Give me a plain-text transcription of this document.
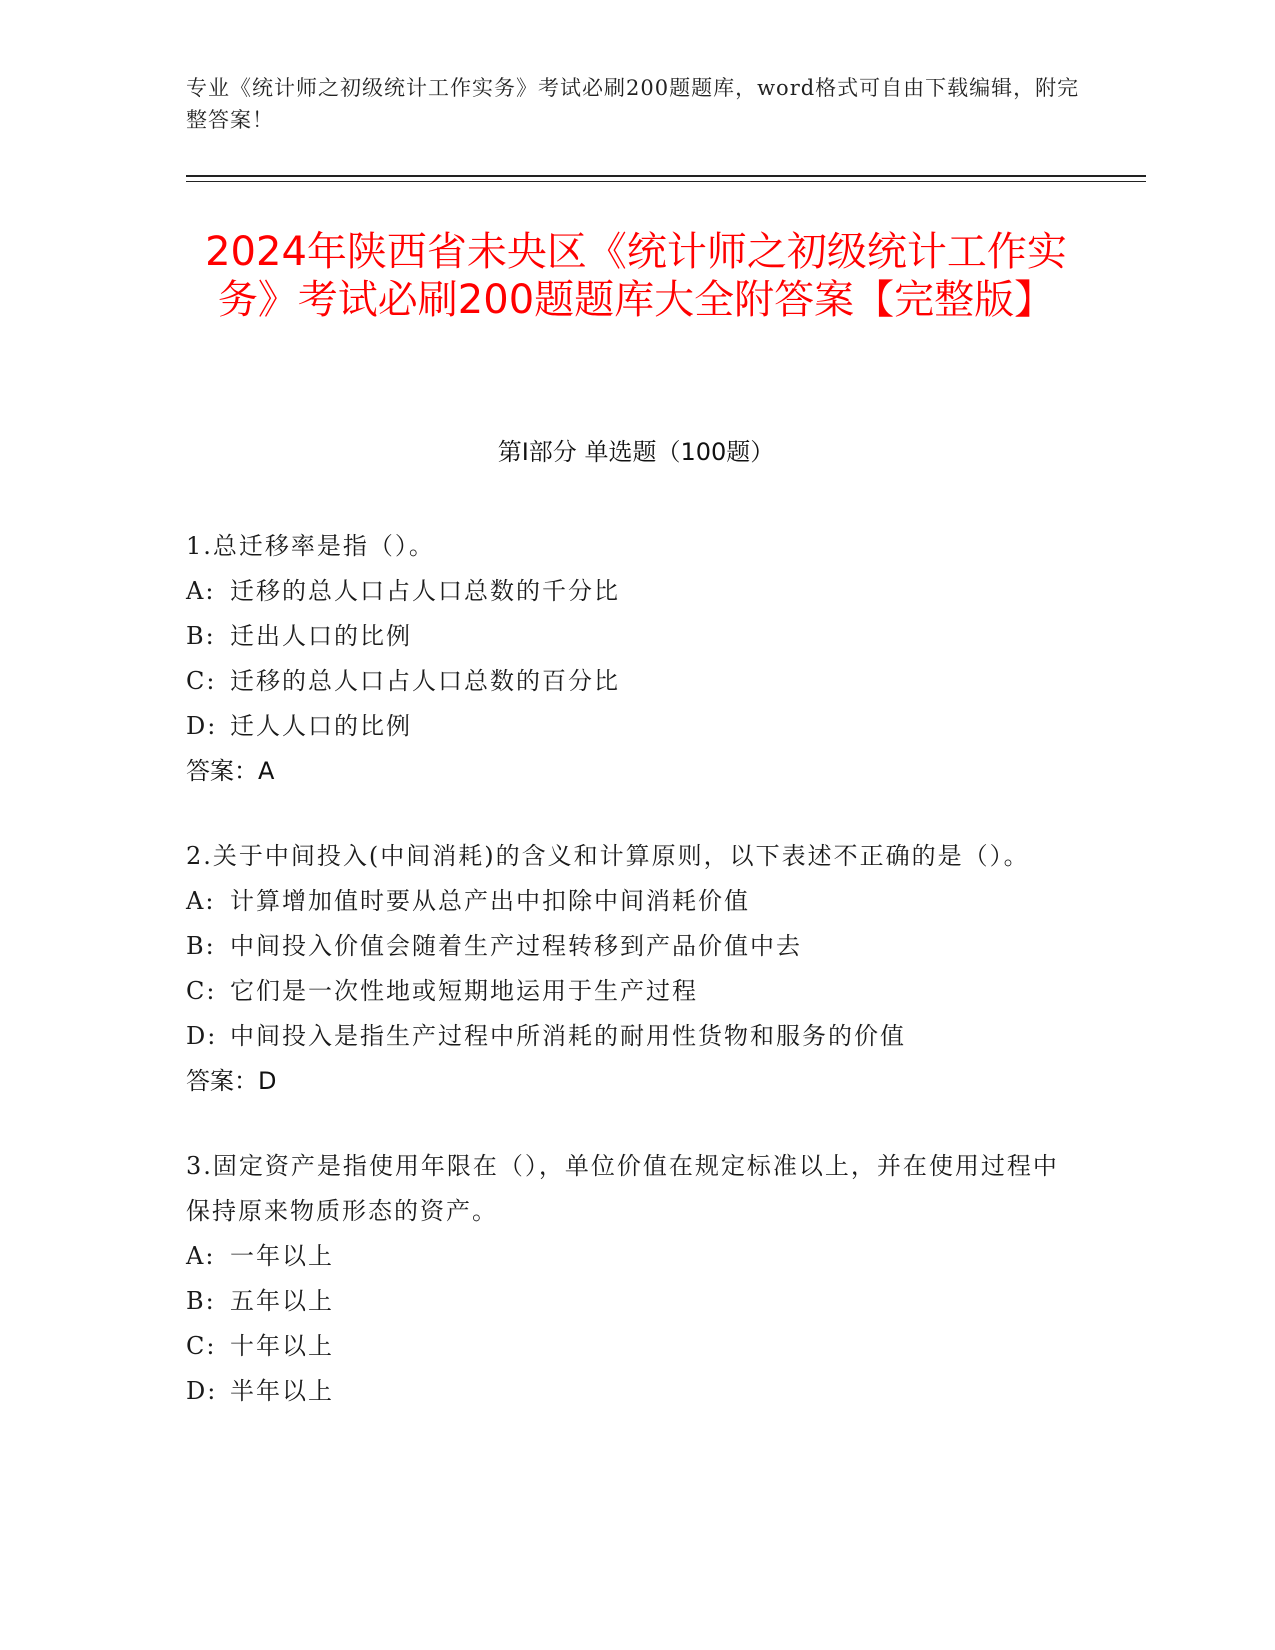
专业《统计师之初级统计工作实务》考试必刷200题题库，word格式可自由下载编辑，附完整答案！

2024年陕西省未央区《统计师之初级统计工作实务》考试必刷200题题库大全附答案【完整版】
第I部分 单选题（100题）

1.总迁移率是指（）。

A: 迁移的总人口占人口总数的千分比

B: 迁出人口的比例

C: 迁移的总人口占人口总数的百分比

D: 迁人人口的比例

答案：A

2.关于中间投入(中间消耗)的含义和计算原则，以下表述不正确的是（）。

A: 计算增加值时要从总产出中扣除中间消耗价值

B: 中间投入价值会随着生产过程转移到产品价值中去

C: 它们是一次性地或短期地运用于生产过程

D: 中间投入是指生产过程中所消耗的耐用性货物和服务的价值

答案：D

3.固定资产是指使用年限在（），单位价值在规定标准以上，并在使用过程中保持原来物质形态的资产。

A: 一年以上

B: 五年以上

C: 十年以上

D: 半年以上
